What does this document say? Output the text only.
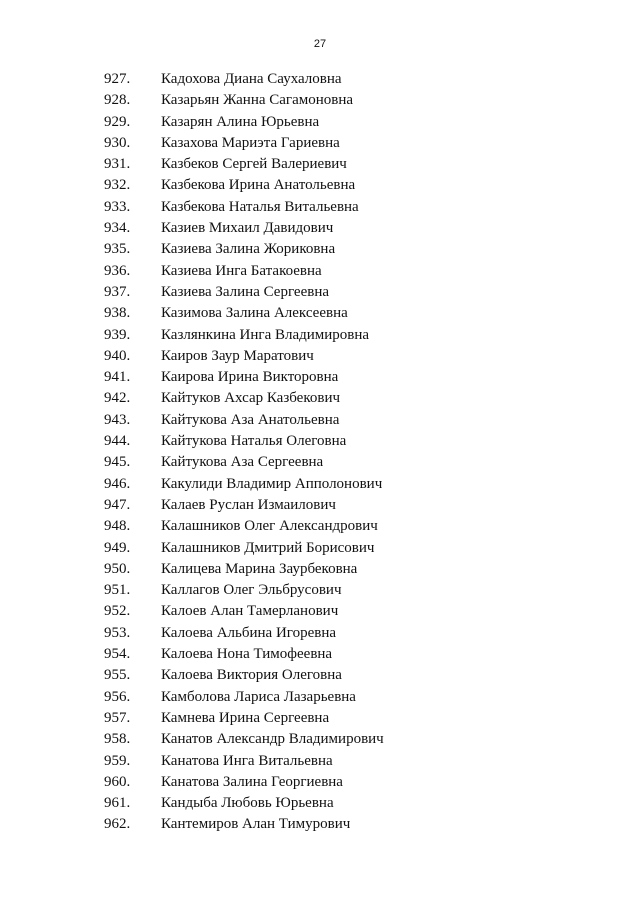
27
927. Кадохова Диана Саухаловна
928. Казарьян Жанна Сагамоновна
929. Казарян Алина Юрьевна
930. Казахова Мариэта Гариевна
931. Казбеков Сергей Валериевич
932. Казбекова Ирина Анатольевна
933. Казбекова Наталья Витальевна
934. Казиев Михаил Давидович
935. Казиева Залина Жориковна
936. Казиева Инга Батакоевна
937. Казиева Залина Сергеевна
938. Казимова Залина Алексеевна
939. Казлянкина Инга Владимировна
940. Каиров Заур Маратович
941. Каирова Ирина Викторовна
942. Кайтуков Ахсар Казбекович
943. Кайтукова Аза Анатольевна
944. Кайтукова Наталья Олеговна
945. Кайтукова Аза Сергеевна
946. Какулиди Владимир Апполонович
947. Калаев Руслан Измаилович
948. Калашников Олег Александрович
949. Калашников Дмитрий Борисович
950. Калицева Марина Заурбековна
951. Каллагов Олег Эльбрусович
952. Калоев Алан Тамерланович
953. Калоева Альбина Игоревна
954. Калоева Нона Тимофеевна
955. Калоева Виктория Олеговна
956. Камболова Лариса Лазарьевна
957. Камнева Ирина Сергеевна
958. Канатов Александр Владимирович
959. Канатова Инга Витальевна
960. Канатова Залина Георгиевна
961. Кандыба Любовь Юрьевна
962. Кантемиров Алан Тимурович
